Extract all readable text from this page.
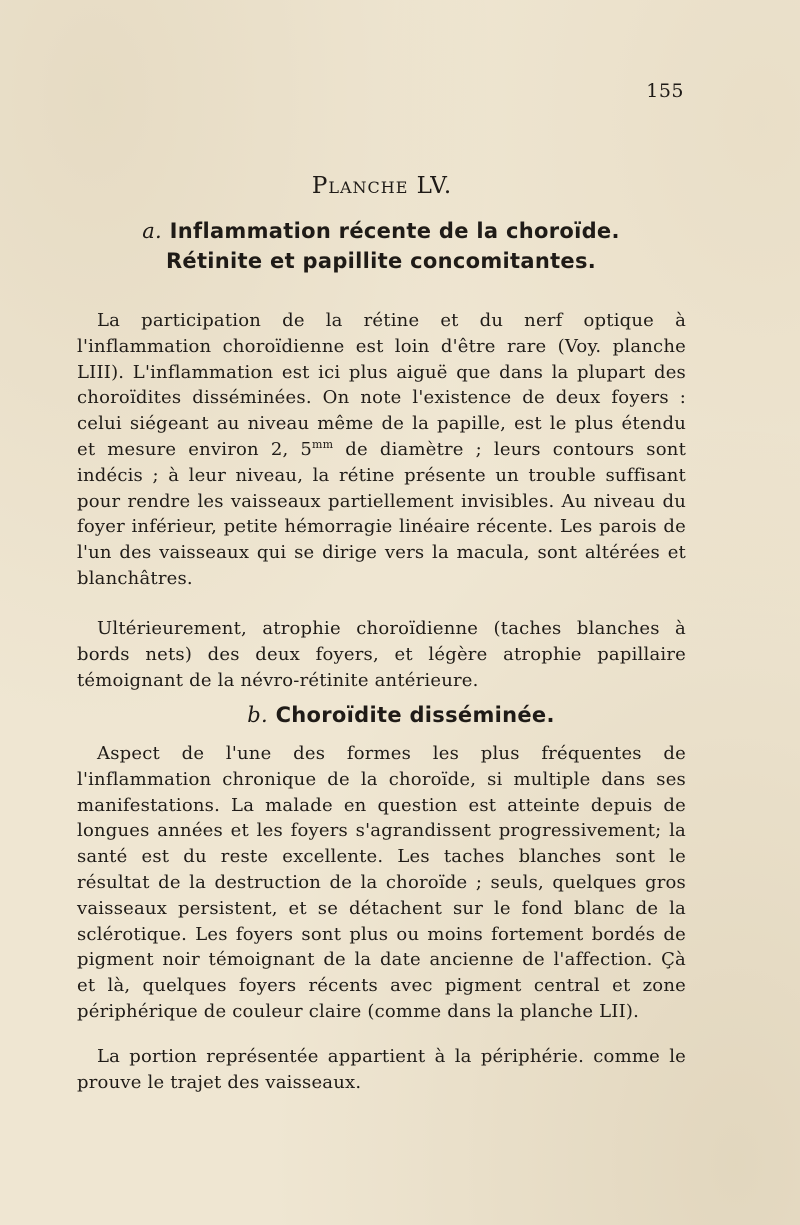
155
Planche LV.
a. Inflammation récente de la choroïde.
Rétinite et papillite concomitantes.

La participation de la rétine et du nerf optique à l'inflammation choroïdienne est loin d'être rare (Voy. planche LIII). L'inflammation est ici plus aiguë que dans la plupart des choroïdites disséminées. On note l'existence de deux foyers : celui siégeant au niveau même de la papille, est le plus étendu et mesure environ 2, $5^{mm}$ de diamètre ; leurs contours sont indécis ; à leur niveau, la rétine présente un trouble suffisant pour rendre les vaisseaux partiellement invisibles. Au niveau du foyer inférieur, petite hémorragie linéaire récente. Les parois de l'un des vaisseaux qui se dirige vers la macula, sont altérées et blanchâtres.

Ultérieurement, atrophie choroïdienne (taches blanches à bords nets) des deux foyers, et légère atrophie papillaire témoignant de la névro-rétinite antérieure.

b. Choroïdite disséminée.

Aspect de l'une des formes les plus fréquentes de l'inflammation chronique de la choroïde, si multiple dans ses manifestations. La malade en question est atteinte depuis de longues années et les foyers s'agrandissent progressivement; la santé est du reste excellente. Les taches blanches sont le résultat de la destruction de la choroïde ; seuls, quelques gros vaisseaux persistent, et se détachent sur le fond blanc de la sclérotique. Les foyers sont plus ou moins fortement bordés de pigment noir témoignant de la date ancienne de l'affection. Çà et là, quelques foyers récents avec pigment central et zone périphérique de couleur claire (comme dans la planche LII).

La portion représentée appartient à la périphérie. comme le prouve le trajet des vaisseaux.
